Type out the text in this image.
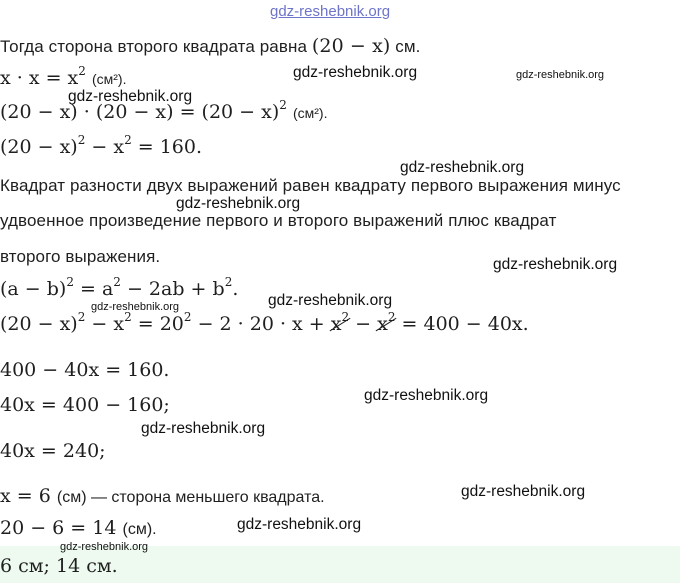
gdz-reshebnik.org
Тогда сторона второго квадрата равна (20 − x) см.
$x \cdot x = x^2$ (см²).
$(20 - x) \cdot (20 - x) = (20 - x)^2$ (см²).
$(20 - x)^2 - x^2 = 160$.
Квадрат разности двух выражений равен квадрату первого выражения минус
удвоенное произведение первого и второго выражений плюс квадрат
второго выражения.
$(a - b)^2 = a^2 - 2ab + b^2$.
$(20 - x)^2 - x^2 = 20^2 - 2 \cdot 20 \cdot x + x^2 - x^2 = 400 - 40x$.
400 − 40x = 160.
40x = 400 − 160;
40x = 240;
x = 6 (см) — сторона меньшего квадрата.
20 − 6 = 14 (см).
6 см; 14 см.
gdz-reshebnik.org	gdz-reshebnik.org
gdz-reshebnik.org
gdz-reshebnik.org
gdz-reshebnik.org
gdz-reshebnik.org
gdz-reshebnik.org
gdz-reshebnik.org
gdz-reshebnik.org
gdz-reshebnik.org
gdz-reshebnik.org
gdz-reshebnik.org
gdz-reshebnik.org
